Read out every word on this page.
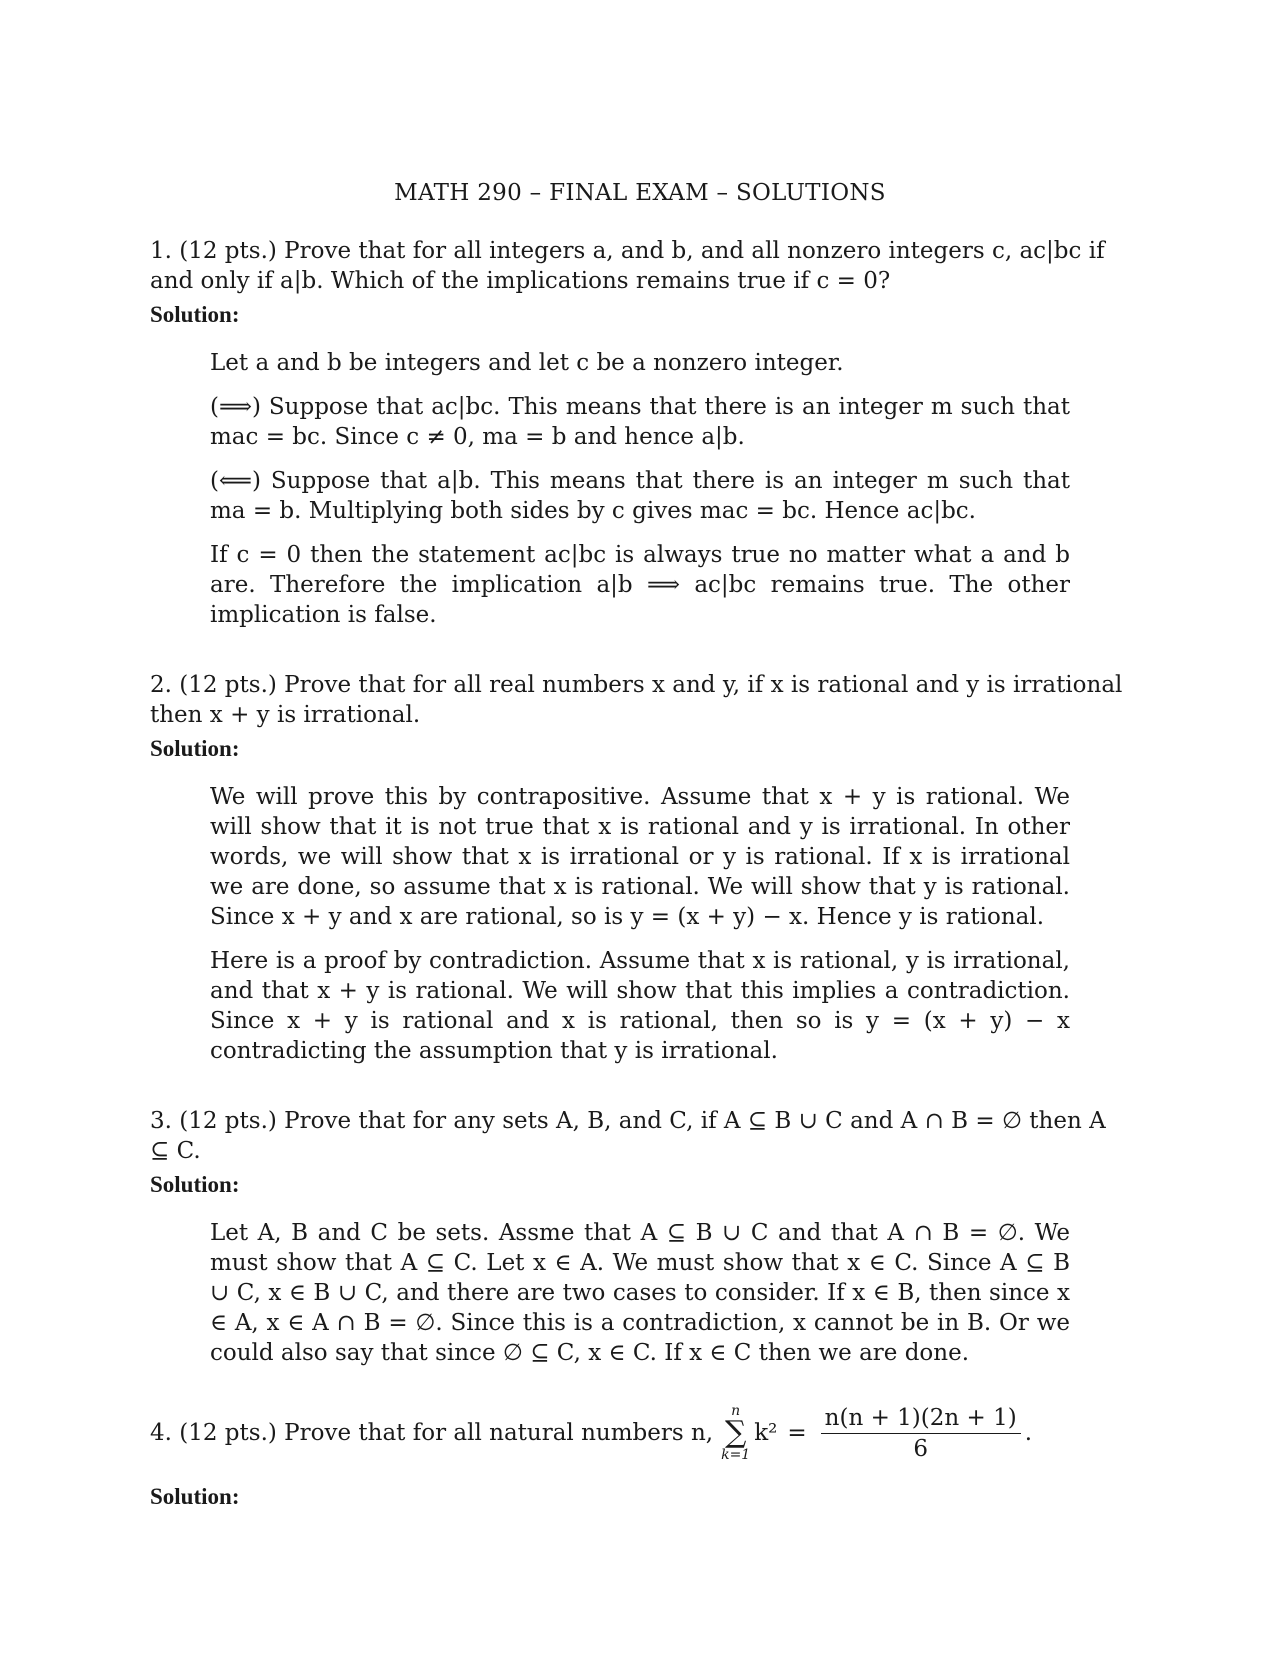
MATH 290 – FINAL EXAM – SOLUTIONS

1. (12 pts.) Prove that for all integers a, and b, and all nonzero integers c, ac|bc if and only if a|b. Which of the implications remains true if c = 0?

Solution:

Let a and b be integers and let c be a nonzero integer.

(⟹) Suppose that ac|bc. This means that there is an integer m such that mac = bc. Since c ≠ 0, ma = b and hence a|b.

(⟸) Suppose that a|b. This means that there is an integer m such that ma = b. Multiplying both sides by c gives mac = bc. Hence ac|bc.

If c = 0 then the statement ac|bc is always true no matter what a and b are. Therefore the implication a|b ⟹ ac|bc remains true. The other implication is false.

2. (12 pts.) Prove that for all real numbers x and y, if x is rational and y is irrational then x + y is irrational.

Solution:

We will prove this by contrapositive. Assume that x + y is rational. We will show that it is not true that x is rational and y is irrational. In other words, we will show that x is irrational or y is rational. If x is irrational we are done, so assume that x is rational. We will show that y is rational. Since x + y and x are rational, so is y = (x + y) − x. Hence y is rational.

Here is a proof by contradiction. Assume that x is rational, y is irrational, and that x + y is rational. We will show that this implies a contradiction. Since x + y is rational and x is rational, then so is y = (x + y) − x contradicting the assumption that y is irrational.

3. (12 pts.) Prove that for any sets A, B, and C, if A ⊆ B ∪ C and A ∩ B = ∅ then A ⊆ C.

Solution:

Let A, B and C be sets. Assme that A ⊆ B ∪ C and that A ∩ B = ∅. We must show that A ⊆ C. Let x ∈ A. We must show that x ∈ C. Since A ⊆ B ∪ C, x ∈ B ∪ C, and there are two cases to consider. If x ∈ B, then since x ∈ A, x ∈ A ∩ B = ∅. Since this is a contradiction, x cannot be in B. Or we could also say that since ∅ ⊆ C, x ∈ C. If x ∈ C then we are done.

4. (12 pts.) Prove that for all natural numbers n,
n
∑
k=1
$k^2 = \frac{n(n + 1)(2n + 1)}{6}$ .
Solution:
